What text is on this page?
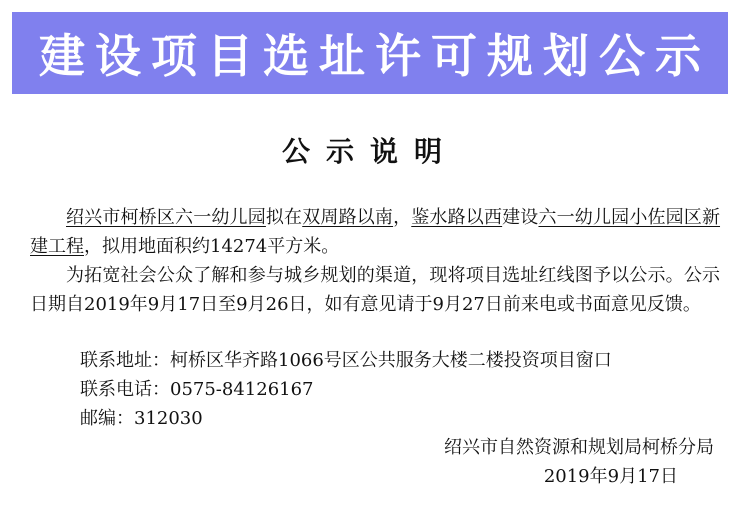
建设项目选址许可规划公示
公示说明

绍兴市柯桥区六一幼儿园拟在双周路以南，鉴水路以西建设六一幼儿园小佐园区新建工程，拟用地面积约14274平方米。

为拓宽社会公众了解和参与城乡规划的渠道，现将项目选址红线图予以公示。公示日期自2019年9月17日至9月26日，如有意见请于9月27日前来电或书面意见反馈。

联系地址：柯桥区华齐路1066号区公共服务大楼二楼投资项目窗口
联系电话：0575-84126167
邮编：312030
绍兴市自然资源和规划局柯桥分局
2019年9月17日
